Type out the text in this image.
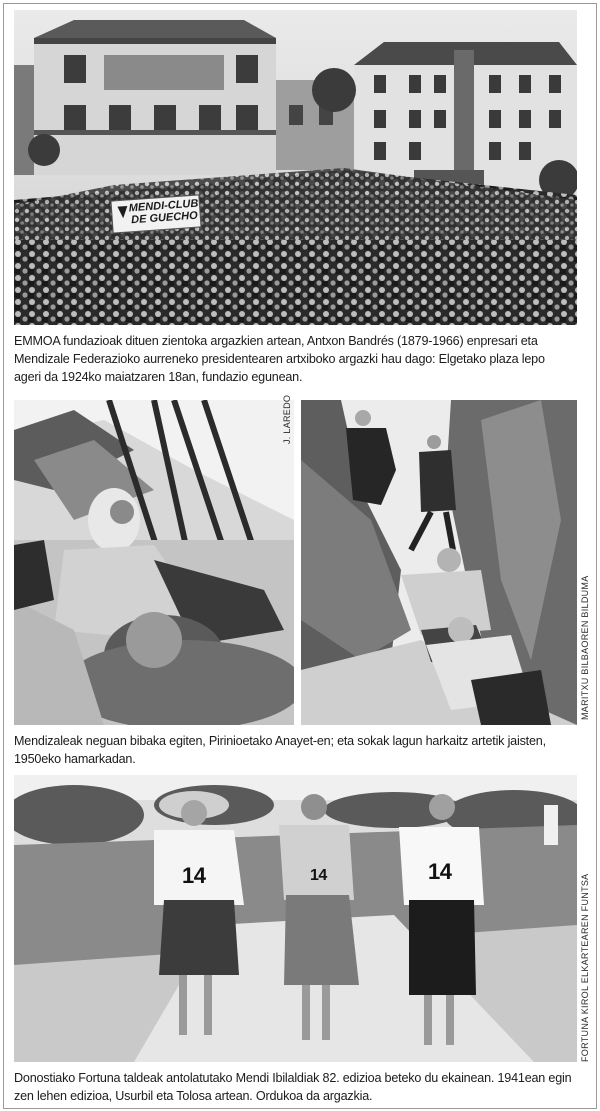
MENDI-CLUB
DE GUECHO
EMMOA fundazioak dituen zientoka argazkien artean, Antxon Bandrés (1879-1966) enpresari eta Mendizale Federazioko aurreneko presidentearen artxiboko argazki hau dago: Elgetako plaza lepo ageri da 1924ko maiatzaren 18an, fundazio egunean.
J. LAREDO
MARITXU BILBAOREN BILDUMA
Mendizaleak neguan bibaka egiten, Pirinioetako Anayet-en; eta sokak lagun harkaitz artetik jaisten, 1950eko hamarkadan.
14	14	14
FORTUNA KIROL ELKARTEAREN FUNTSA
Donostiako Fortuna taldeak antolatutako Mendi Ibilaldiak 82. edizioa beteko du ekainean. 1941ean egin zen lehen edizioa, Usurbil eta Tolosa artean. Ordukoa da argazkia.
